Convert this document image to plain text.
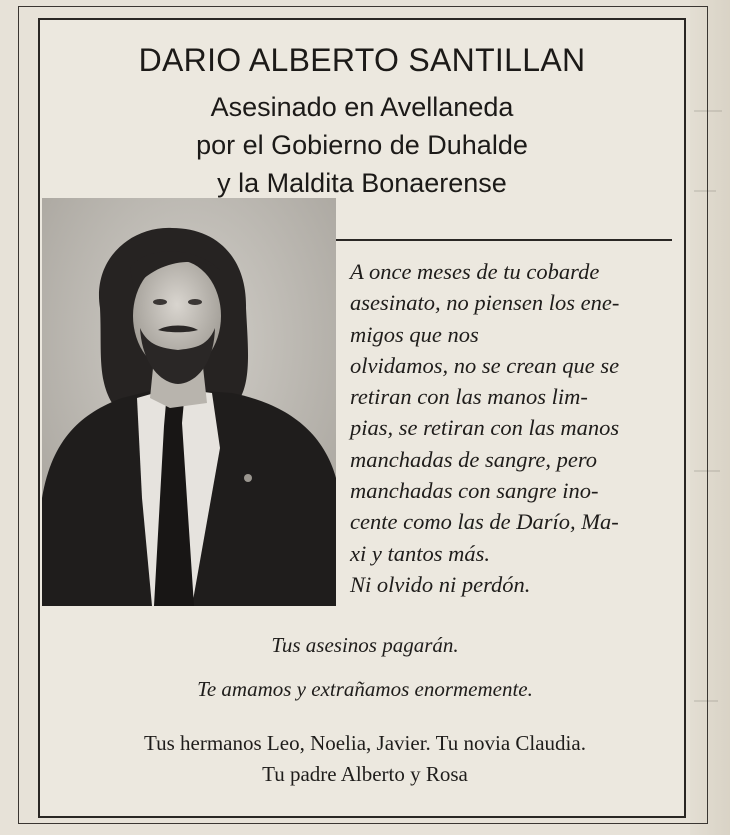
DARIO ALBERTO SANTILLAN
Asesinado en Avellaneda
por el Gobierno de Duhalde
y la Maldita Bonaerense
A once meses de tu cobarde
asesinato, no piensen los ene-
migos que nos
olvidamos, no se crean que se
retiran con las manos lim-
pias, se retiran con las manos
manchadas de sangre, pero
manchadas con sangre ino-
cente como las de Darío, Ma-
xi y tantos más.
Ni olvido ni perdón.
Tus asesinos pagarán.
Te amamos y extrañamos enormemente.
Tus hermanos Leo, Noelia, Javier. Tu novia Claudia.
Tu padre Alberto y Rosa
